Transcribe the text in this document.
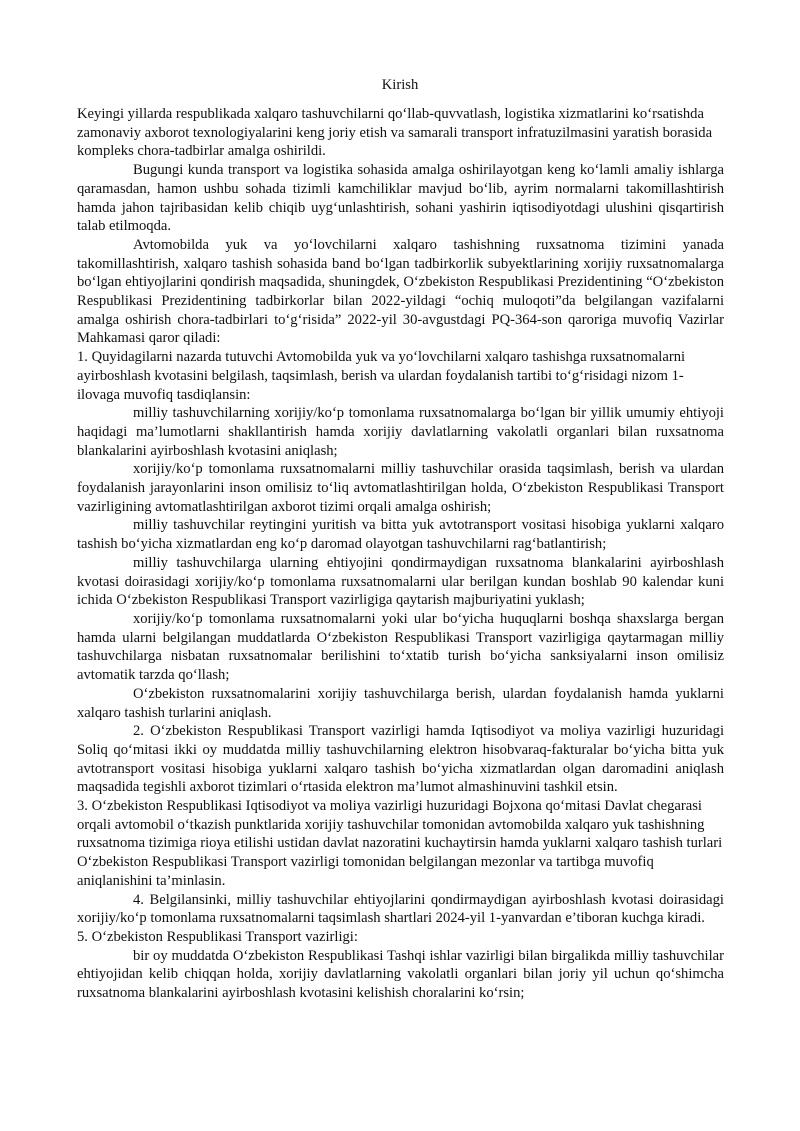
Kirish

Keyingi yillarda respublikada xalqaro tashuvchilarni qo‘llab-quvvatlash, logistika xizmatlarini ko‘rsatishda zamonaviy axborot texnologiyalarini keng joriy etish va samarali transport infratuzilmasini yaratish borasida kompleks chora-tadbirlar amalga oshirildi.

Bugungi kunda transport va logistika sohasida amalga oshirilayotgan keng ko‘lamli amaliy ishlarga qaramasdan, hamon ushbu sohada tizimli kamchiliklar mavjud bo‘lib, ayrim normalarni takomillashtirish hamda jahon tajribasidan kelib chiqib uyg‘unlashtirish, sohani yashirin iqtisodiyotdagi ulushini qisqartirish talab etilmoqda.

Avtomobilda yuk va yo‘lovchilarni xalqaro tashishning ruxsatnoma tizimini yanada takomillashtirish, xalqaro tashish sohasida band bo‘lgan tadbirkorlik subyektlarining xorijiy ruxsatnomalarga bo‘lgan ehtiyojlarini qondirish maqsadida, shuningdek, O‘zbekiston Respublikasi Prezidentining “O‘zbekiston Respublikasi Prezidentining tadbirkorlar bilan 2022-yildagi “ochiq muloqoti”da belgilangan vazifalarni amalga oshirish chora-tadbirlari to‘g‘risida” 2022-yil 30-avgustdagi PQ-364-son qaroriga muvofiq Vazirlar Mahkamasi qaror qiladi:

1. Quyidagilarni nazarda tutuvchi Avtomobilda yuk va yo‘lovchilarni xalqaro tashishga ruxsatnomalarni ayirboshlash kvotasini belgilash, taqsimlash, berish va ulardan foydalanish tartibi to‘g‘risidagi nizom 1-ilovaga muvofiq tasdiqlansin:

milliy tashuvchilarning xorijiy/ko‘p tomonlama ruxsatnomalarga bo‘lgan bir yillik umumiy ehtiyoji haqidagi ma’lumotlarni shakllantirish hamda xorijiy davlatlarning vakolatli organlari bilan ruxsatnoma blankalarini ayirboshlash kvotasini aniqlash;

xorijiy/ko‘p tomonlama ruxsatnomalarni milliy tashuvchilar orasida taqsimlash, berish va ulardan foydalanish jarayonlarini inson omilisiz to‘liq avtomatlashtirilgan holda, O‘zbekiston Respublikasi Transport vazirligining avtomatlashtirilgan axborot tizimi orqali amalga oshirish;

milliy tashuvchilar reytingini yuritish va bitta yuk avtotransport vositasi hisobiga yuklarni xalqaro tashish bo‘yicha xizmatlardan eng ko‘p daromad olayotgan tashuvchilarni rag‘batlantirish;

milliy tashuvchilarga ularning ehtiyojini qondirmaydigan ruxsatnoma blankalarini ayirboshlash kvotasi doirasidagi xorijiy/ko‘p tomonlama ruxsatnomalarni ular berilgan kundan boshlab 90 kalendar kuni ichida O‘zbekiston Respublikasi Transport vazirligiga qaytarish majburiyatini yuklash;

xorijiy/ko‘p tomonlama ruxsatnomalarni yoki ular bo‘yicha huquqlarni boshqa shaxslarga bergan hamda ularni belgilangan muddatlarda O‘zbekiston Respublikasi Transport vazirligiga qaytarmagan milliy tashuvchilarga nisbatan ruxsatnomalar berilishini to‘xtatib turish bo‘yicha sanksiyalarni inson omilisiz avtomatik tarzda qo‘llash;

O‘zbekiston ruxsatnomalarini xorijiy tashuvchilarga berish, ulardan foydalanish hamda yuklarni xalqaro tashish turlarini aniqlash.

2. O‘zbekiston Respublikasi Transport vazirligi hamda Iqtisodiyot va moliya vazirligi huzuridagi Soliq qo‘mitasi ikki oy muddatda milliy tashuvchilarning elektron hisobvaraq-fakturalar bo‘yicha bitta yuk avtotransport vositasi hisobiga yuklarni xalqaro tashish bo‘yicha xizmatlardan olgan daromadini aniqlash maqsadida tegishli axborot tizimlari o‘rtasida elektron ma’lumot almashinuvini tashkil etsin.

3. O‘zbekiston Respublikasi Iqtisodiyot va moliya vazirligi huzuridagi Bojxona qo‘mitasi Davlat chegarasi orqali avtomobil o‘tkazish punktlarida xorijiy tashuvchilar tomonidan avtomobilda xalqaro yuk tashishning ruxsatnoma tizimiga rioya etilishi ustidan davlat nazoratini kuchaytirsin hamda yuklarni xalqaro tashish turlari O‘zbekiston Respublikasi Transport vazirligi tomonidan belgilangan mezonlar va tartibga muvofiq aniqlanishini ta’minlasin.

4. Belgilansinki, milliy tashuvchilar ehtiyojlarini qondirmaydigan ayirboshlash kvotasi doirasidagi xorijiy/ko‘p tomonlama ruxsatnomalarni taqsimlash shartlari 2024-yil 1-yanvardan e’tiboran kuchga kiradi.

5. O‘zbekiston Respublikasi Transport vazirligi:

bir oy muddatda O‘zbekiston Respublikasi Tashqi ishlar vazirligi bilan birgalikda milliy tashuvchilar ehtiyojidan kelib chiqqan holda, xorijiy davlatlarning vakolatli organlari bilan joriy yil uchun qo‘shimcha ruxsatnoma blankalarini ayirboshlash kvotasini kelishish choralarini ko‘rsin;
